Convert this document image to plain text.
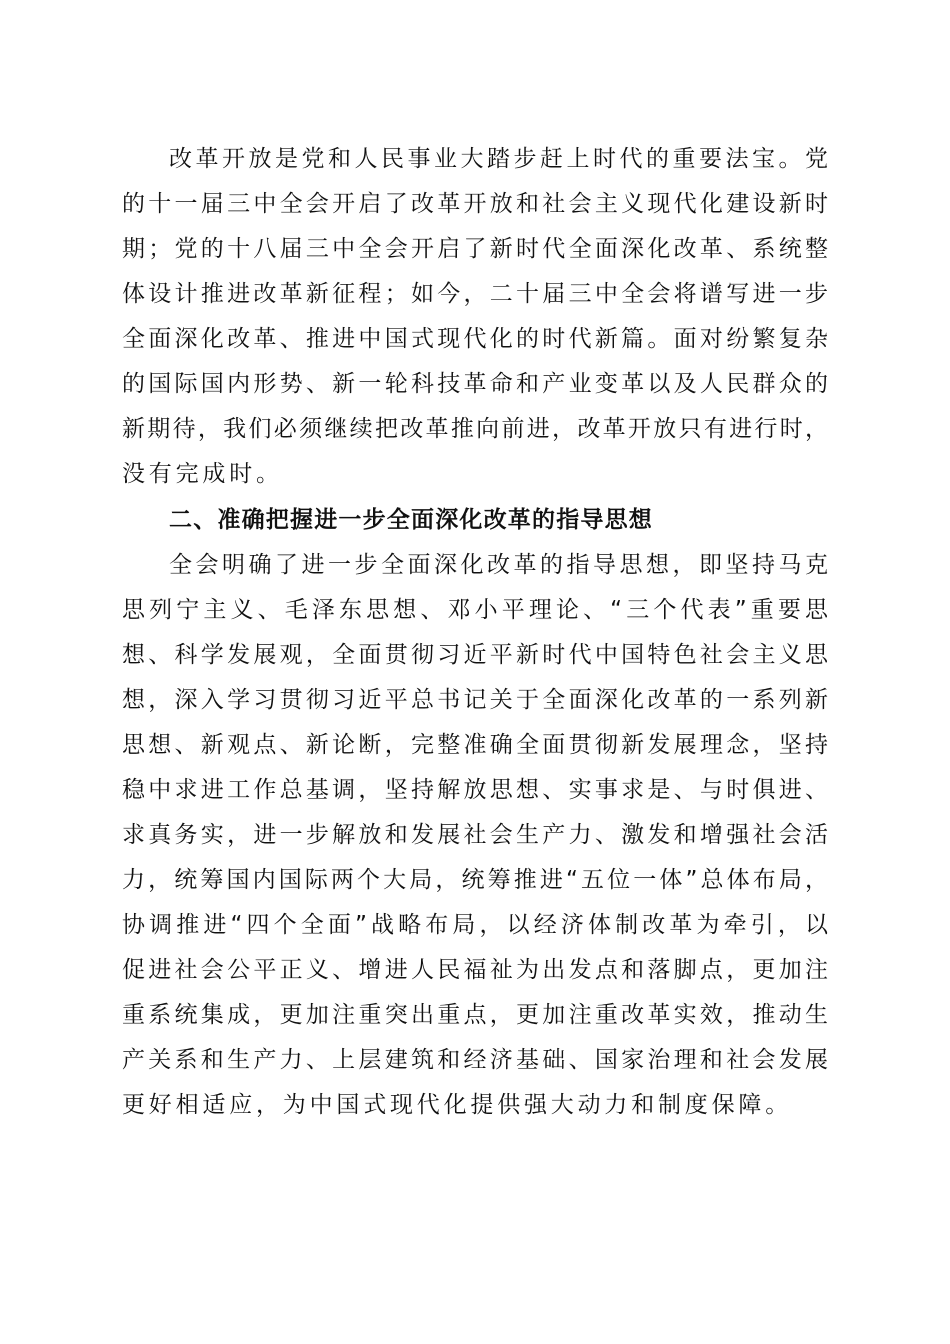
改革开放是党和人民事业大踏步赶上时代的重要法宝。党
的十一届三中全会开启了改革开放和社会主义现代化建设新时
期；党的十八届三中全会开启了新时代全面深化改革、系统整
体设计推进改革新征程；如今，二十届三中全会将谱写进一步
全面深化改革、推进中国式现代化的时代新篇。面对纷繁复杂
的国际国内形势、新一轮科技革命和产业变革以及人民群众的
新期待，我们必须继续把改革推向前进，改革开放只有进行时，
没有完成时。
二、准确把握进一步全面深化改革的指导思想
全会明确了进一步全面深化改革的指导思想，即坚持马克
思列宁主义、毛泽东思想、邓小平理论、“三个代表”重要思
想、科学发展观，全面贯彻习近平新时代中国特色社会主义思
想，深入学习贯彻习近平总书记关于全面深化改革的一系列新
思想、新观点、新论断，完整准确全面贯彻新发展理念，坚持
稳中求进工作总基调，坚持解放思想、实事求是、与时俱进、
求真务实，进一步解放和发展社会生产力、激发和增强社会活
力，统筹国内国际两个大局，统筹推进“五位一体”总体布局，
协调推进“四个全面”战略布局，以经济体制改革为牵引，以
促进社会公平正义、增进人民福祉为出发点和落脚点，更加注
重系统集成，更加注重突出重点，更加注重改革实效，推动生
产关系和生产力、上层建筑和经济基础、国家治理和社会发展
更好相适应，为中国式现代化提供强大动力和制度保障。
